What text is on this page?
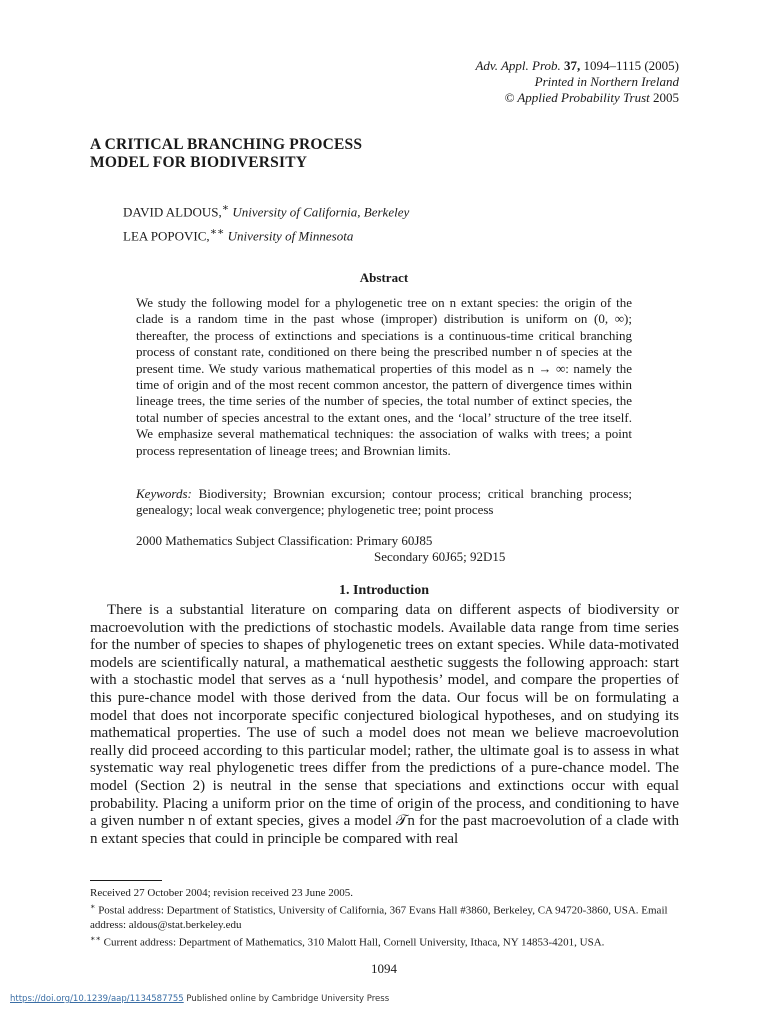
Adv. Appl. Prob. 37, 1094–1115 (2005)
Printed in Northern Ireland
© Applied Probability Trust 2005
A CRITICAL BRANCHING PROCESS
MODEL FOR BIODIVERSITY
DAVID ALDOUS,∗ University of California, Berkeley
LEA POPOVIC,∗∗ University of Minnesota
Abstract

We study the following model for a phylogenetic tree on n extant species: the origin of the clade is a random time in the past whose (improper) distribution is uniform on (0, ∞); thereafter, the process of extinctions and speciations is a continuous-time critical branching process of constant rate, conditioned on there being the prescribed number n of species at the present time. We study various mathematical properties of this model as n → ∞: namely the time of origin and of the most recent common ancestor, the pattern of divergence times within lineage trees, the time series of the number of species, the total number of extinct species, the total number of species ancestral to the extant ones, and the ‘local’ structure of the tree itself. We emphasize several mathematical techniques: the association of walks with trees; a point process representation of lineage trees; and Brownian limits.

Keywords: Biodiversity; Brownian excursion; contour process; critical branching process; genealogy; local weak convergence; phylogenetic tree; point process
2000 Mathematics Subject Classification: Primary 60J85
Secondary 60J65; 92D15
1. Introduction

There is a substantial literature on comparing data on different aspects of biodiversity or macroevolution with the predictions of stochastic models. Available data range from time series for the number of species to shapes of phylogenetic trees on extant species. While data-motivated models are scientifically natural, a mathematical aesthetic suggests the following approach: start with a stochastic model that serves as a ‘null hypothesis’ model, and compare the properties of this pure-chance model with those derived from the data. Our focus will be on formulating a model that does not incorporate specific conjectured biological hypotheses, and on studying its mathematical properties. The use of such a model does not mean we believe macroevolution really did proceed according to this particular model; rather, the ultimate goal is to assess in what systematic way real phylogenetic trees differ from the predictions of a pure-chance model. The model (Section 2) is neutral in the sense that speciations and extinctions occur with equal probability. Placing a uniform prior on the time of origin of the process, and conditioning to have a given number n of extant species, gives a model 𝒯n for the past macroevolution of a clade with n extant species that could in principle be compared with real

Received 27 October 2004; revision received 23 June 2005.
∗ Postal address: Department of Statistics, University of California, 367 Evans Hall #3860, Berkeley, CA 94720-3860, USA. Email address: aldous@stat.berkeley.edu
∗∗ Current address: Department of Mathematics, 310 Malott Hall, Cornell University, Ithaca, NY 14853-4201, USA.
1094
https://doi.org/10.1239/aap/1134587755 Published online by Cambridge University Press
